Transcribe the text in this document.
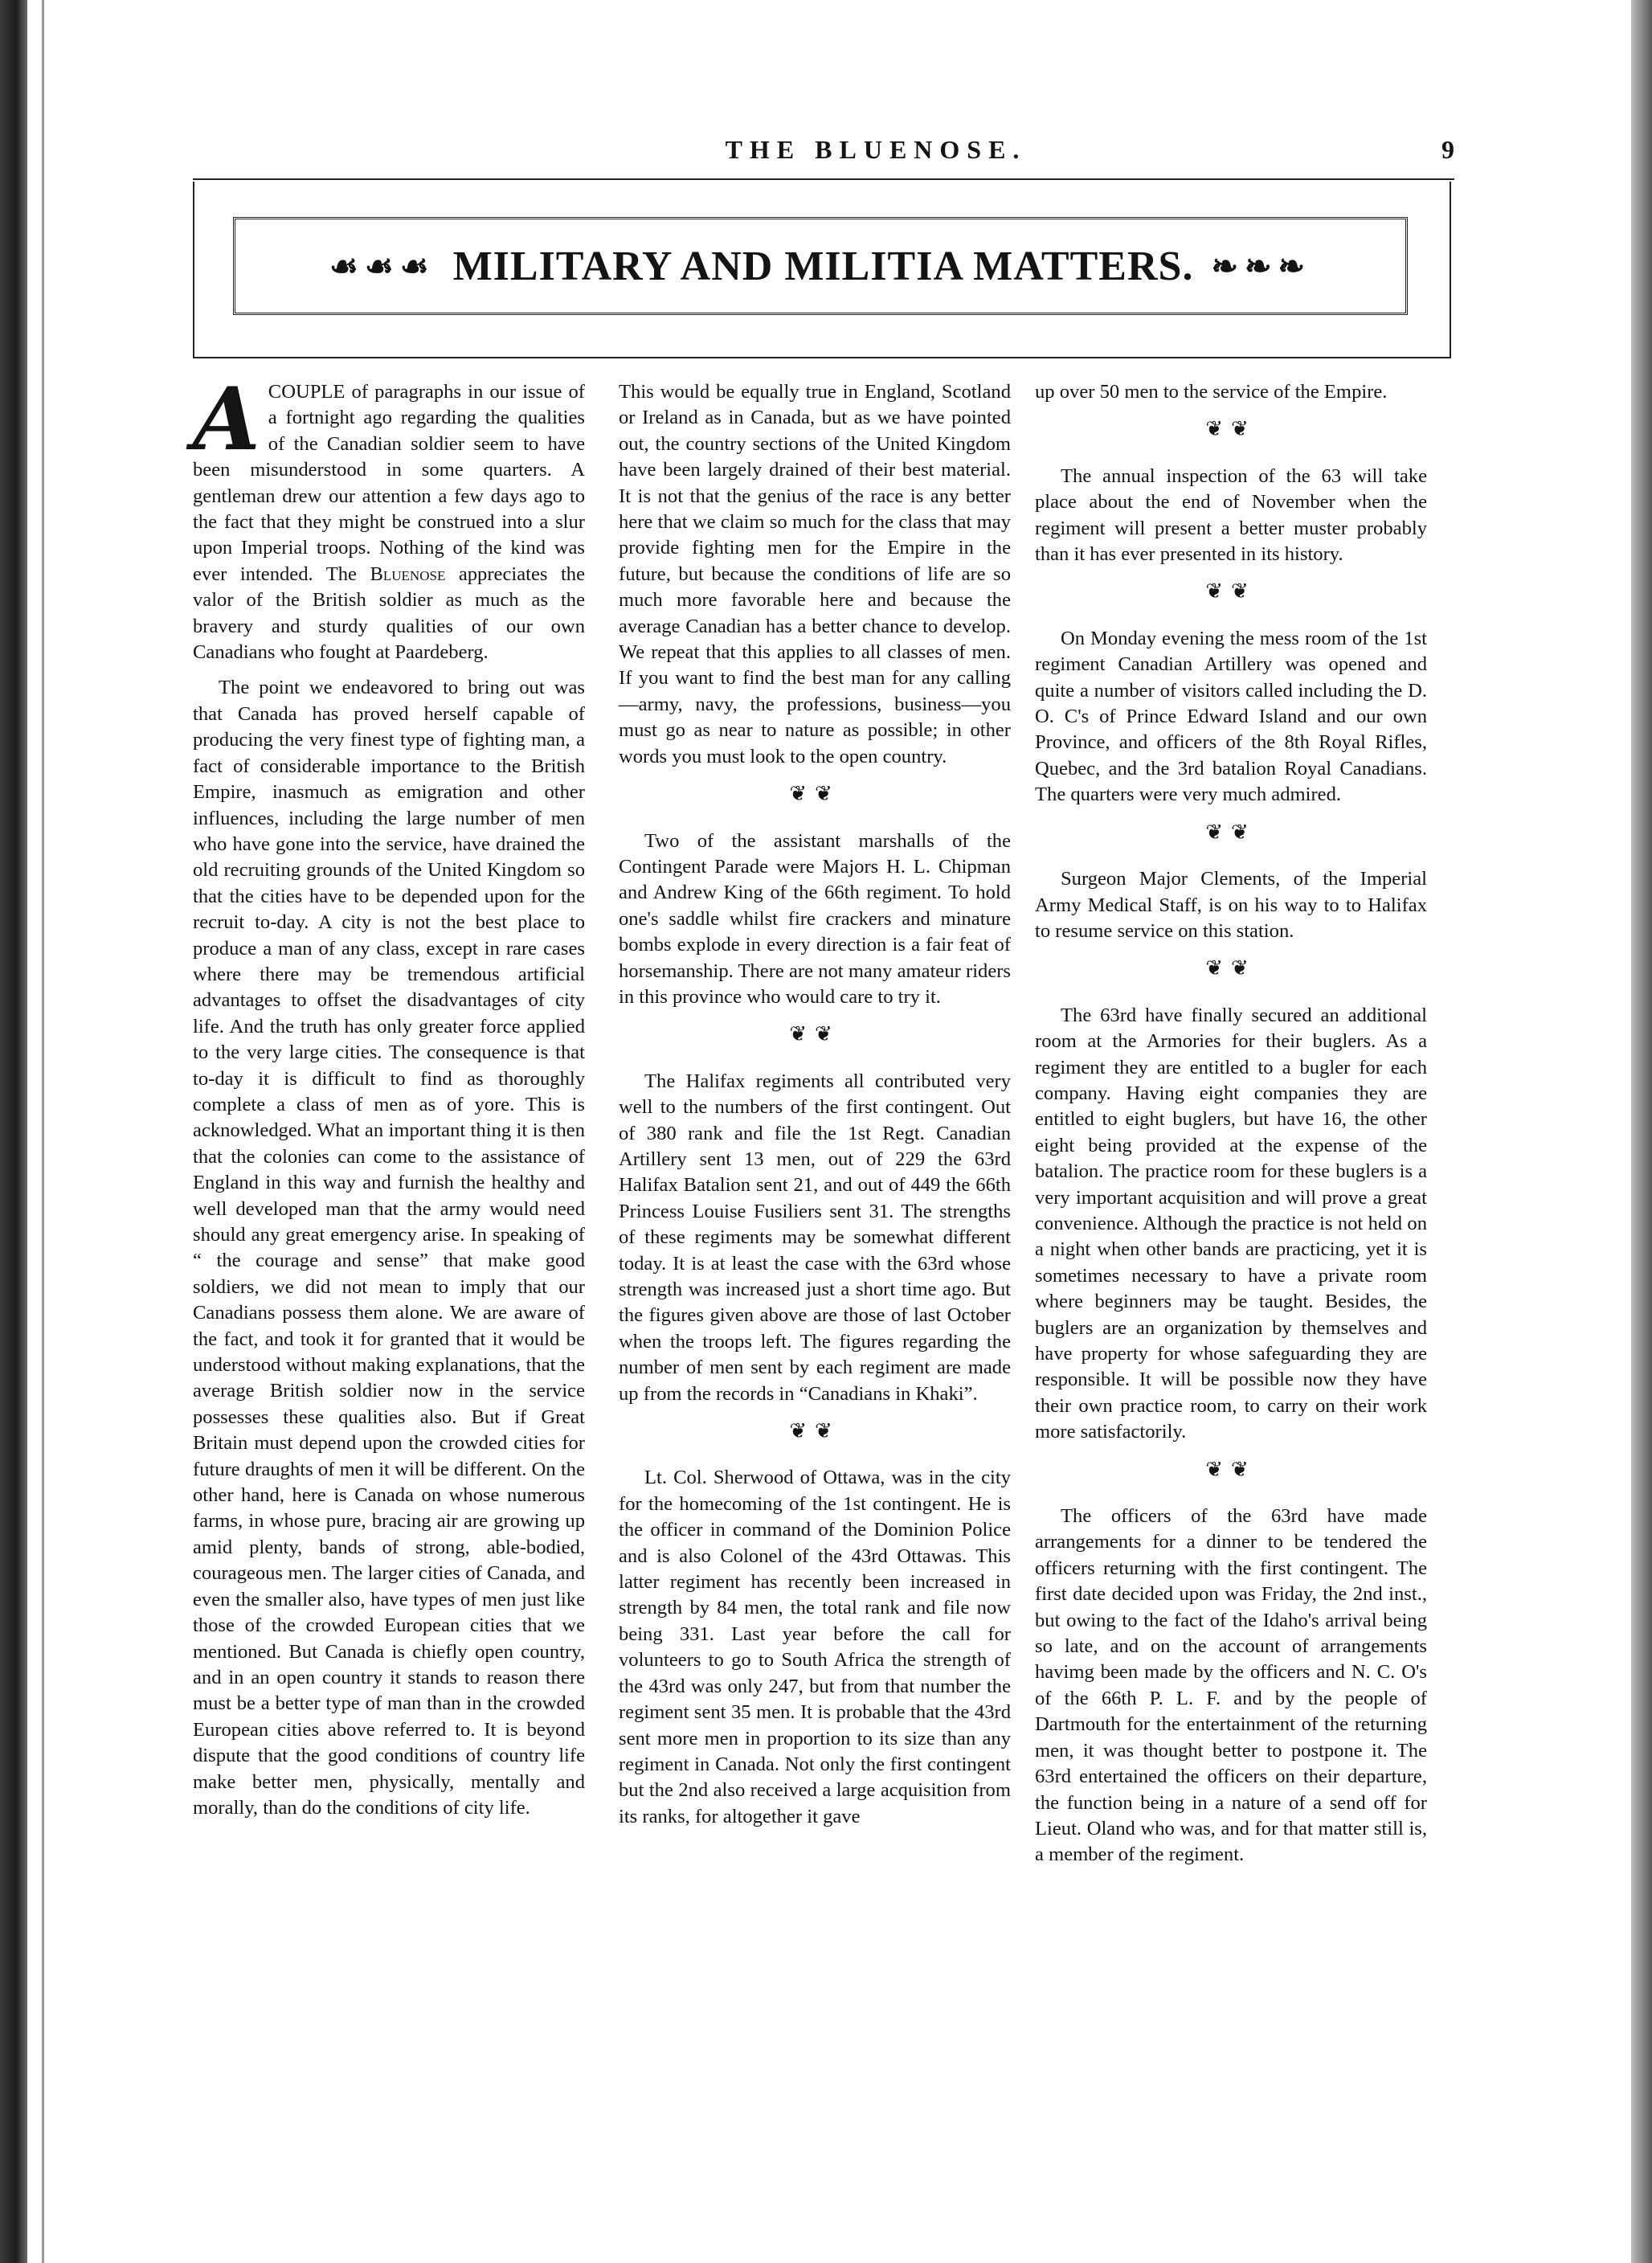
THE BLUENOSE.	9
☙☙☙ MILITARY AND MILITIA MATTERS. ❧❧❧

ACOUPLE of paragraphs in our issue of a fortnight ago regarding the qualities of the Canadian soldier seem to have been misunderstood in some quarters. A gentleman drew our attention a few days ago to the fact that they might be construed into a slur upon Imperial troops. Nothing of the kind was ever intended. The Bluenose appreciates the valor of the British soldier as much as the bravery and sturdy qualities of our own Canadians who fought at Paardeberg.

The point we endeavored to bring out was that Canada has proved herself capable of producing the very finest type of fighting man, a fact of considerable importance to the British Empire, inasmuch as emigration and other influences, including the large number of men who have gone into the service, have drained the old recruiting grounds of the United Kingdom so that the cities have to be depended upon for the recruit to-day. A city is not the best place to produce a man of any class, except in rare cases where there may be tremendous artificial advantages to offset the disadvantages of city life. And the truth has only greater force applied to the very large cities. The consequence is that to-day it is difficult to find as thoroughly complete a class of men as of yore. This is acknowledged. What an important thing it is then that the colonies can come to the assistance of England in this way and furnish the healthy and well developed man that the army would need should any great emergency arise. In speaking of “ the courage and sense” that make good soldiers, we did not mean to imply that our Canadians possess them alone. We are aware of the fact, and took it for granted that it would be understood without making explanations, that the average British soldier now in the service possesses these qualities also. But if Great Britain must depend upon the crowded cities for future draughts of men it will be different. On the other hand, here is Canada on whose numerous farms, in whose pure, bracing air are growing up amid plenty, bands of strong, able-bodied, courageous men. The larger cities of Canada, and even the smaller also, have types of men just like those of the crowded European cities that we mentioned. But Canada is chiefly open country, and in an open country it stands to reason there must be a better type of man than in the crowded European cities above referred to. It is beyond dispute that the good conditions of country life make better men, physically, mentally and morally, than do the conditions of city life.

This would be equally true in England, Scotland or Ireland as in Canada, but as we have pointed out, the country sections of the United Kingdom have been largely drained of their best material. It is not that the genius of the race is any better here that we claim so much for the class that may provide fighting men for the Empire in the future, but because the conditions of life are so much more favorable here and because the average Canadian has a better chance to develop. We repeat that this applies to all classes of men. If you want to find the best man for any calling—army, navy, the professions, business—you must go as near to nature as possible; in other words you must look to the open country.

❦❦

Two of the assistant marshalls of the Contingent Parade were Majors H. L. Chipman and Andrew King of the 66th regiment. To hold one's saddle whilst fire crackers and minature bombs explode in every direction is a fair feat of horsemanship. There are not many amateur riders in this province who would care to try it.

❦❦

The Halifax regiments all contributed very well to the numbers of the first contingent. Out of 380 rank and file the 1st Regt. Canadian Artillery sent 13 men, out of 229 the 63rd Halifax Batalion sent 21, and out of 449 the 66th Princess Louise Fusiliers sent 31. The strengths of these regiments may be somewhat different today. It is at least the case with the 63rd whose strength was increased just a short time ago. But the figures given above are those of last October when the troops left. The figures regarding the number of men sent by each regiment are made up from the records in “Canadians in Khaki”.

❦❦

Lt. Col. Sherwood of Ottawa, was in the city for the homecoming of the 1st contingent. He is the officer in command of the Dominion Police and is also Colonel of the 43rd Ottawas. This latter regiment has recently been increased in strength by 84 men, the total rank and file now being 331. Last year before the call for volunteers to go to South Africa the strength of the 43rd was only 247, but from that number the regiment sent 35 men. It is probable that the 43rd sent more men in proportion to its size than any regiment in Canada. Not only the first contingent but the 2nd also received a large acquisition from its ranks, for altogether it gave

up over 50 men to the service of the Empire.

❦❦

The annual inspection of the 63 will take place about the end of November when the regiment will present a better muster probably than it has ever presented in its history.

❦❦

On Monday evening the mess room of the 1st regiment Canadian Artillery was opened and quite a number of visitors called including the D. O. C's of Prince Edward Island and our own Province, and officers of the 8th Royal Rifles, Quebec, and the 3rd batalion Royal Canadians. The quarters were very much admired.

❦❦

Surgeon Major Clements, of the Imperial Army Medical Staff, is on his way to to Halifax to resume service on this station.

❦❦

The 63rd have finally secured an additional room at the Armories for their buglers. As a regiment they are entitled to a bugler for each company. Having eight companies they are entitled to eight buglers, but have 16, the other eight being provided at the expense of the batalion. The practice room for these buglers is a very important acquisition and will prove a great convenience. Although the practice is not held on a night when other bands are practicing, yet it is sometimes necessary to have a private room where beginners may be taught. Besides, the buglers are an organization by themselves and have property for whose safeguarding they are responsible. It will be possible now they have their own practice room, to carry on their work more satisfactorily.

❦❦

The officers of the 63rd have made arrangements for a dinner to be tendered the officers returning with the first contingent. The first date decided upon was Friday, the 2nd inst., but owing to the fact of the Idaho's arrival being so late, and on the account of arrangements havimg been made by the officers and N. C. O's of the 66th P. L. F. and by the people of Dartmouth for the entertainment of the returning men, it was thought better to postpone it. The 63rd entertained the officers on their departure, the function being in a nature of a send off for Lieut. Oland who was, and for that matter still is, a member of the regiment.
